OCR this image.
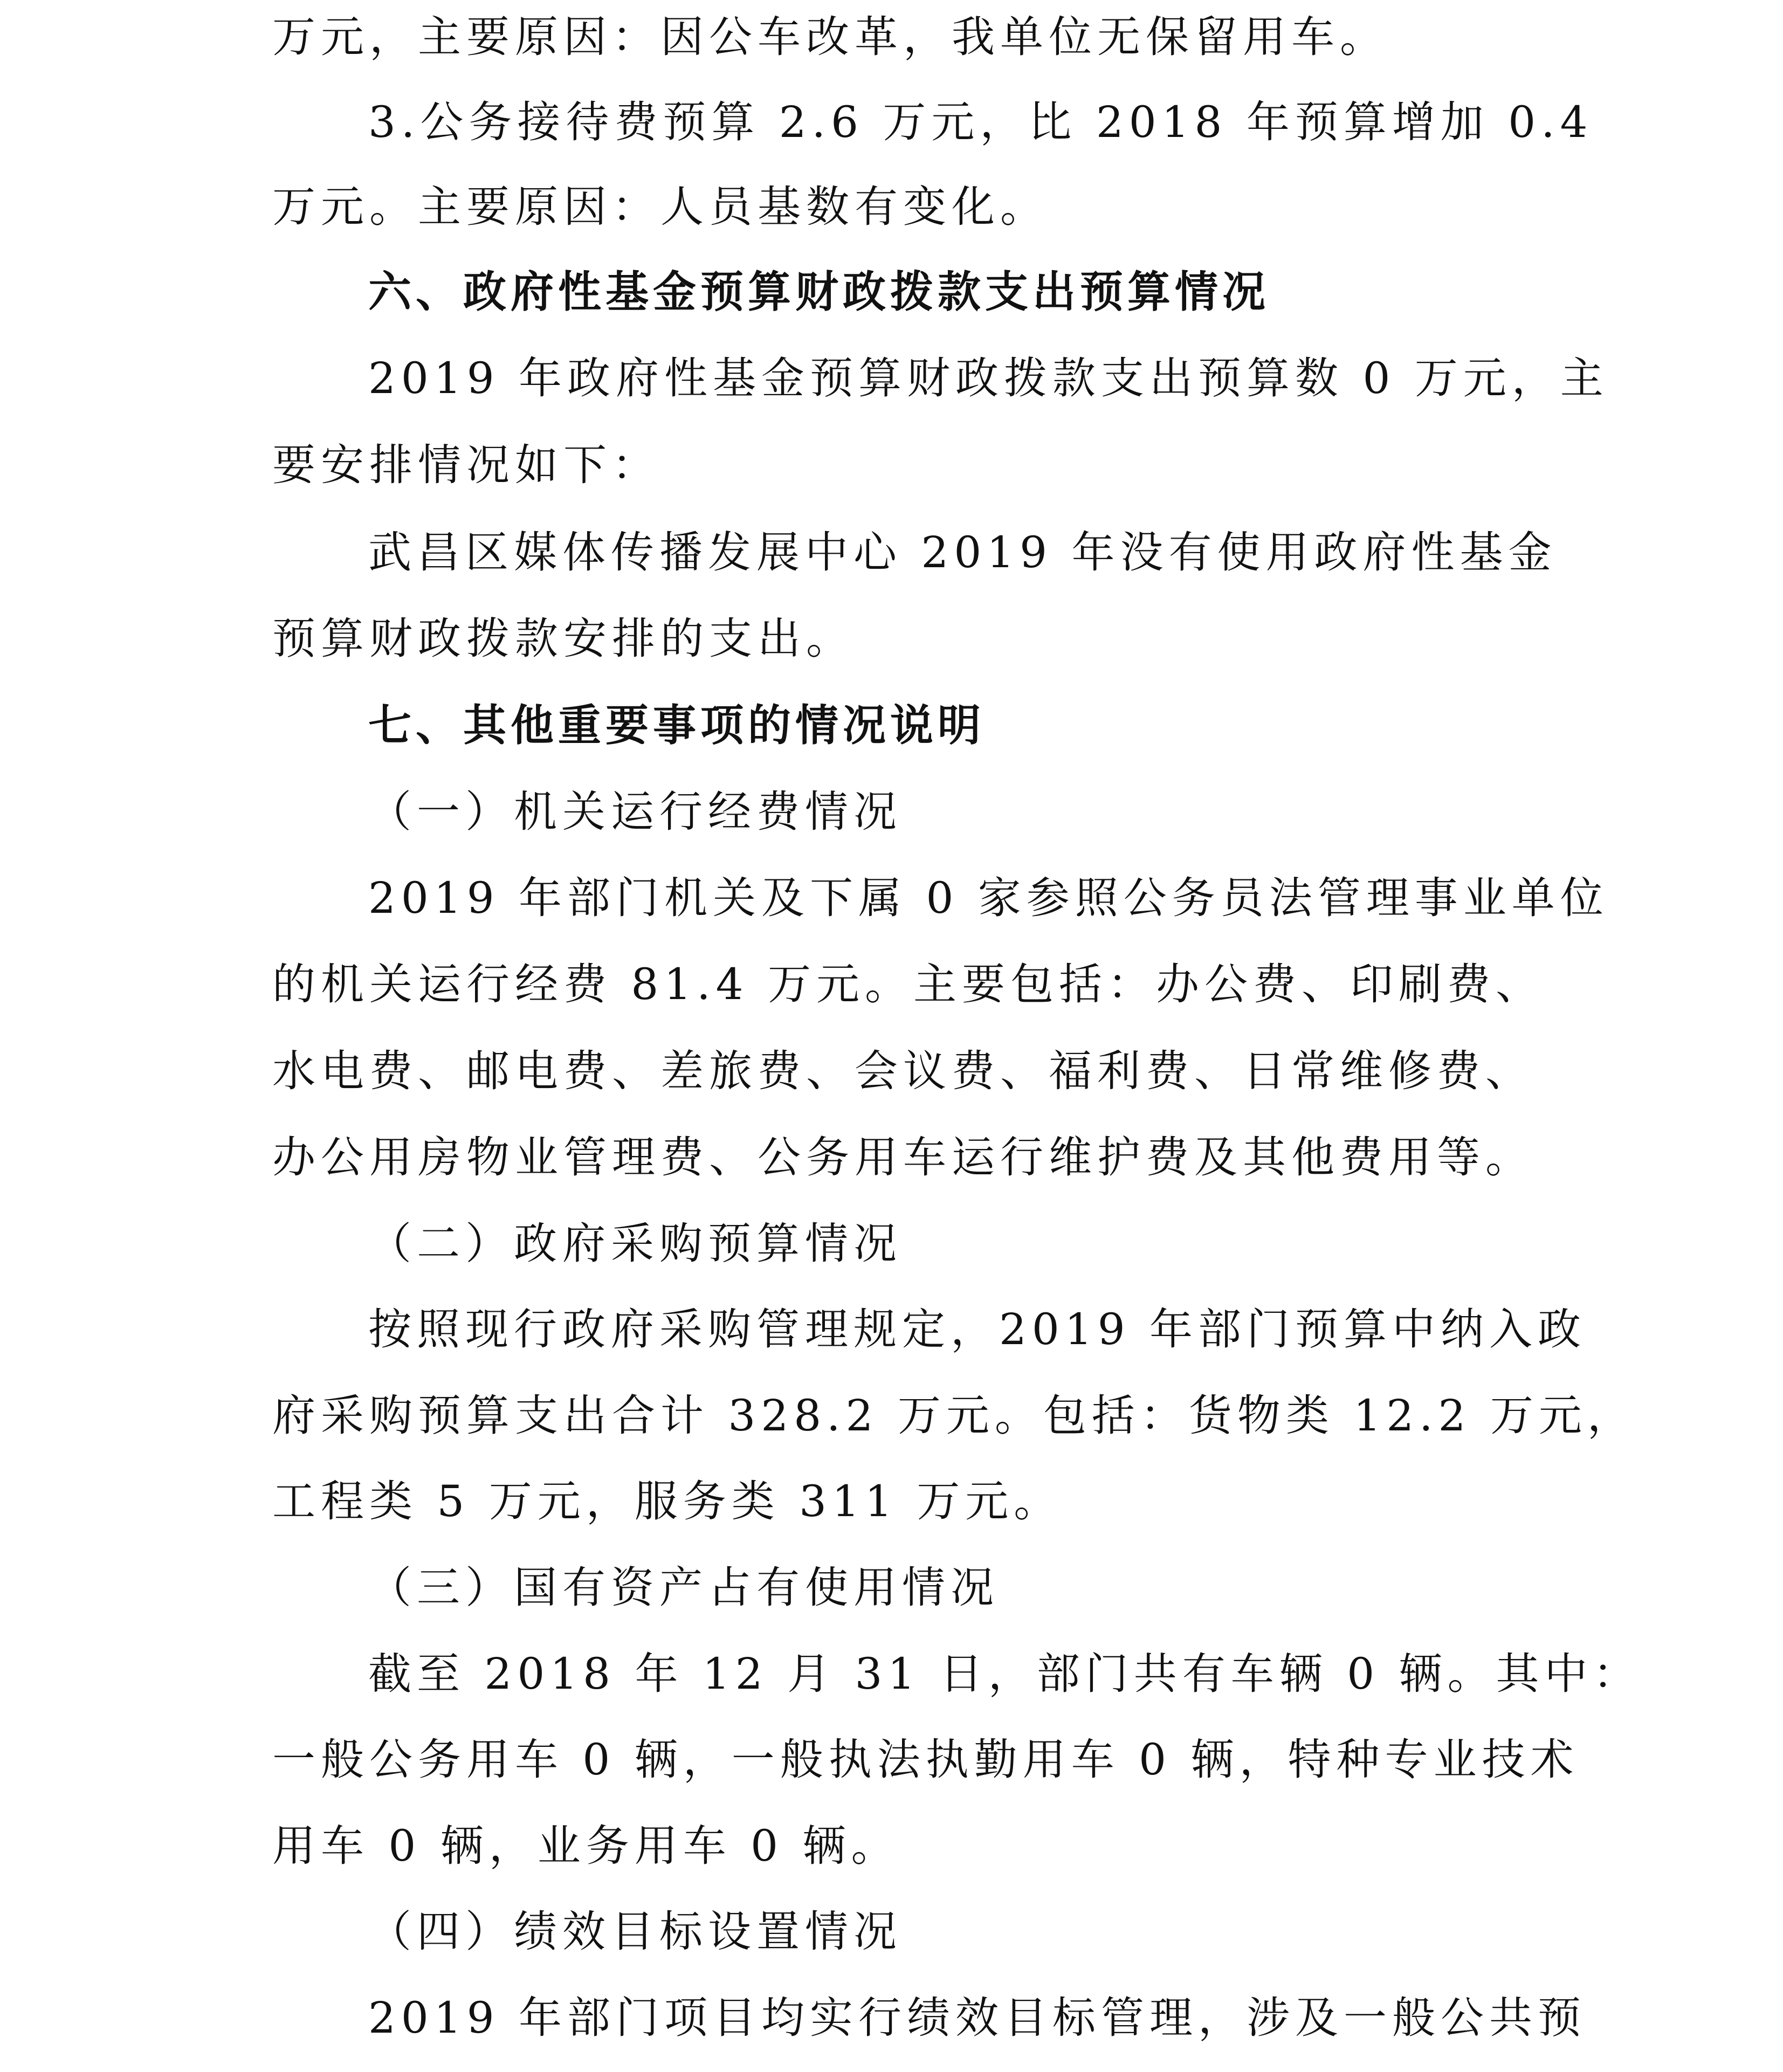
万元，主要原因：因公车改革，我单位无保留用车。
3.公务接待费预算 2.6 万元，比 2018 年预算增加 0.4
万元。主要原因：人员基数有变化。
六、政府性基金预算财政拨款支出预算情况
2019 年政府性基金预算财政拨款支出预算数 0 万元，主
要安排情况如下：
武昌区媒体传播发展中心 2019 年没有使用政府性基金
预算财政拨款安排的支出。
七、其他重要事项的情况说明
（一）机关运行经费情况
2019 年部门机关及下属 0 家参照公务员法管理事业单位
的机关运行经费 81.4 万元。主要包括：办公费、印刷费、
水电费、邮电费、差旅费、会议费、福利费、日常维修费、
办公用房物业管理费、公务用车运行维护费及其他费用等。
（二）政府采购预算情况
按照现行政府采购管理规定，2019 年部门预算中纳入政
府采购预算支出合计 328.2 万元。包括：货物类 12.2 万元，
工程类 5 万元，服务类 311 万元。
（三）国有资产占有使用情况
截至 2018 年 12 月 31 日，部门共有车辆 0 辆。其中：
一般公务用车 0 辆，一般执法执勤用车 0 辆，特种专业技术
用车 0 辆，业务用车 0 辆。
（四）绩效目标设置情况
2019 年部门项目均实行绩效目标管理，涉及一般公共预
